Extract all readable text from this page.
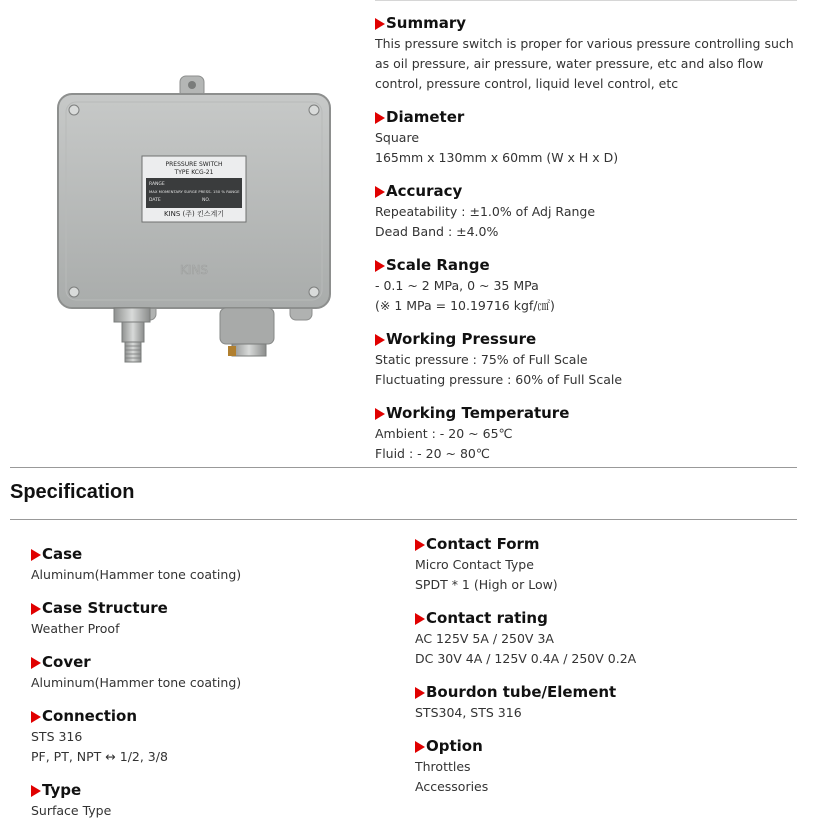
PRESSURE SWITCH
TYPE KCG-21
RANGE
MAX MOMENTARY SURGE PRESS. 150 % RANGE
DATE	NO.
KINS (주) 킨스계기
KINS
Summary
This pressure switch is proper for various pressure controlling such
as oil pressure, air pressure, water pressure, etc and also flow
control, pressure control, liquid level control, etc
Diameter
Square
165mm x 130mm x 60mm (W x H x D)
Accuracy
Repeatability : ±1.0% of Adj Range
Dead Band : ±4.0%
Scale Range
- 0.1 ~ 2 MPa, 0 ~ 35 MPa
(※ 1 MPa = 10.19716 kgf/㎠)
Working Pressure
Static pressure : 75% of Full Scale
Fluctuating pressure : 60% of Full Scale
Working Temperature
Ambient : - 20 ~ 65℃
Fluid : - 20 ~ 80℃
Specification
Case
Aluminum(Hammer tone coating)
Case Structure
Weather Proof
Cover
Aluminum(Hammer tone coating)
Connection
STS 316
PF, PT, NPT ↔ 1/2, 3/8
Type
Surface Type
Contact Form
Micro Contact Type
SPDT * 1 (High or Low)
Contact rating
AC 125V 5A / 250V 3A
DC 30V 4A / 125V 0.4A / 250V 0.2A
Bourdon tube/Element
STS304, STS 316
Option
Throttles
Accessories
